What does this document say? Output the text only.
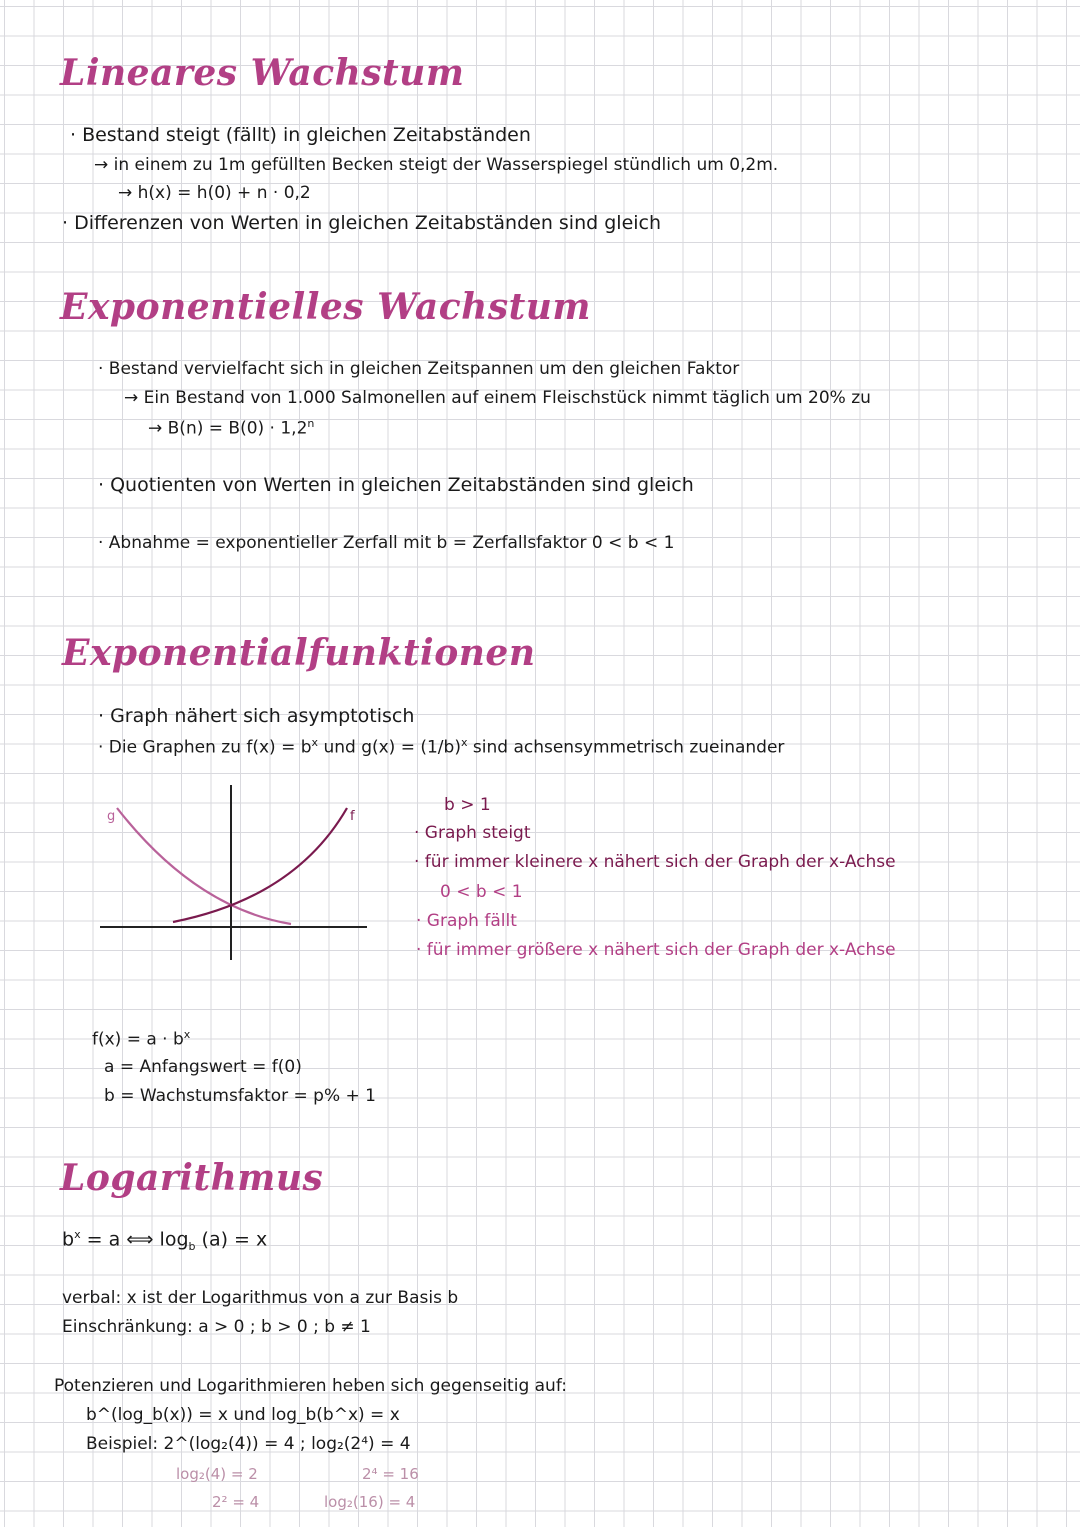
Lineares Wachstum
· Bestand steigt (fällt) in gleichen Zeitabständen
→ in einem zu 1m gefüllten Becken steigt der Wasserspiegel stündlich um 0,2m.
→ h(x) = h(0) + n · 0,2
· Differenzen von Werten in gleichen Zeitabständen sind gleich
Exponentielles Wachstum
· Bestand vervielfacht sich in gleichen Zeitspannen um den gleichen Faktor
→ Ein Bestand von 1.000 Salmonellen auf einem Fleischstück nimmt täglich um 20% zu
→ $B(n) = B(0) \cdot 1,2^n$
· Quotienten von Werten in gleichen Zeitabständen sind gleich
· Abnahme = exponentieller Zerfall mit b = Zerfallsfaktor 0 < b < 1
Exponentialfunktionen
· Graph nähert sich asymptotisch
· Die Graphen zu $f(x) = b^x$ und $g(x) = (1/b)^x$ sind achsensymmetrisch zueinander
g	f
b > 1
· Graph steigt
· für immer kleinere x nähert sich der Graph der x-Achse
0 < b < 1
· Graph fällt
· für immer größere x nähert sich der Graph der x-Achse
$f(x) = a \cdot b^x$
a = Anfangswert = f(0)
b = Wachstumsfaktor = p% + 1
Logarithmus
$b^x = a$ ⟺ $\log_b (a) = x$
verbal: x ist der Logarithmus von a zur Basis b
Einschränkung: a > 0 ; b > 0 ; b ≠ 1
Potenzieren und Logarithmieren heben sich gegenseitig auf:
b^(log_b(x)) = x und log_b(b^x) = x
Beispiel: 2^(log₂(4)) = 4 ; log₂(2⁴) = 4
log₂(4) = 2
2² = 4
2⁴ = 16
log₂(16) = 4
